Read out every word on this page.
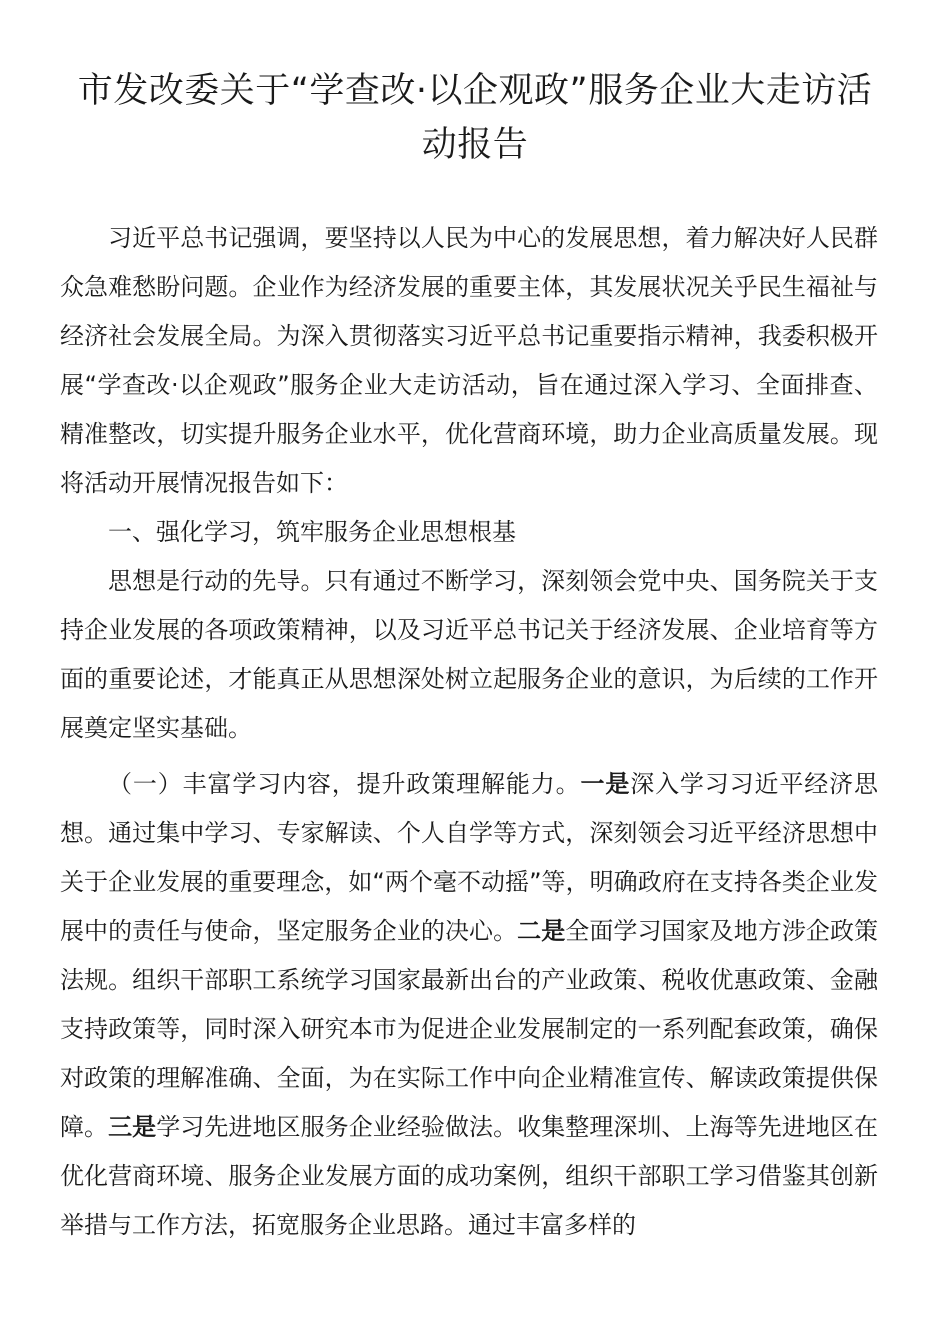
市发改委关于“学查改·以企观政”服务企业大走访活
动报告

习近平总书记强调，要坚持以人民为中心的发展思想，着力解决好人民群众急难愁盼问题。企业作为经济发展的重要主体，其发展状况关乎民生福祉与经济社会发展全局。为深入贯彻落实习近平总书记重要指示精神，我委积极开展“学查改·以企观政”服务企业大走访活动，旨在通过深入学习、全面排查、精准整改，切实提升服务企业水平，优化营商环境，助力企业高质量发展。现将活动开展情况报告如下：

一、强化学习，筑牢服务企业思想根基

思想是行动的先导。只有通过不断学习，深刻领会党中央、国务院关于支持企业发展的各项政策精神，以及习近平总书记关于经济发展、企业培育等方面的重要论述，才能真正从思想深处树立起服务企业的意识，为后续的工作开展奠定坚实基础。

（一）丰富学习内容，提升政策理解能力。一是深入学习习近平经济思想。通过集中学习、专家解读、个人自学等方式，深刻领会习近平经济思想中关于企业发展的重要理念，如“两个毫不动摇”等，明确政府在支持各类企业发展中的责任与使命，坚定服务企业的决心。二是全面学习国家及地方涉企政策法规。组织干部职工系统学习国家最新出台的产业政策、税收优惠政策、金融支持政策等，同时深入研究本市为促进企业发展制定的一系列配套政策，确保对政策的理解准确、全面，为在实际工作中向企业精准宣传、解读政策提供保障。三是学习先进地区服务企业经验做法。收集整理深圳、上海等先进地区在优化营商环境、服务企业发展方面的成功案例，组织干部职工学习借鉴其创新举措与工作方法，拓宽服务企业思路。通过丰富多样的
